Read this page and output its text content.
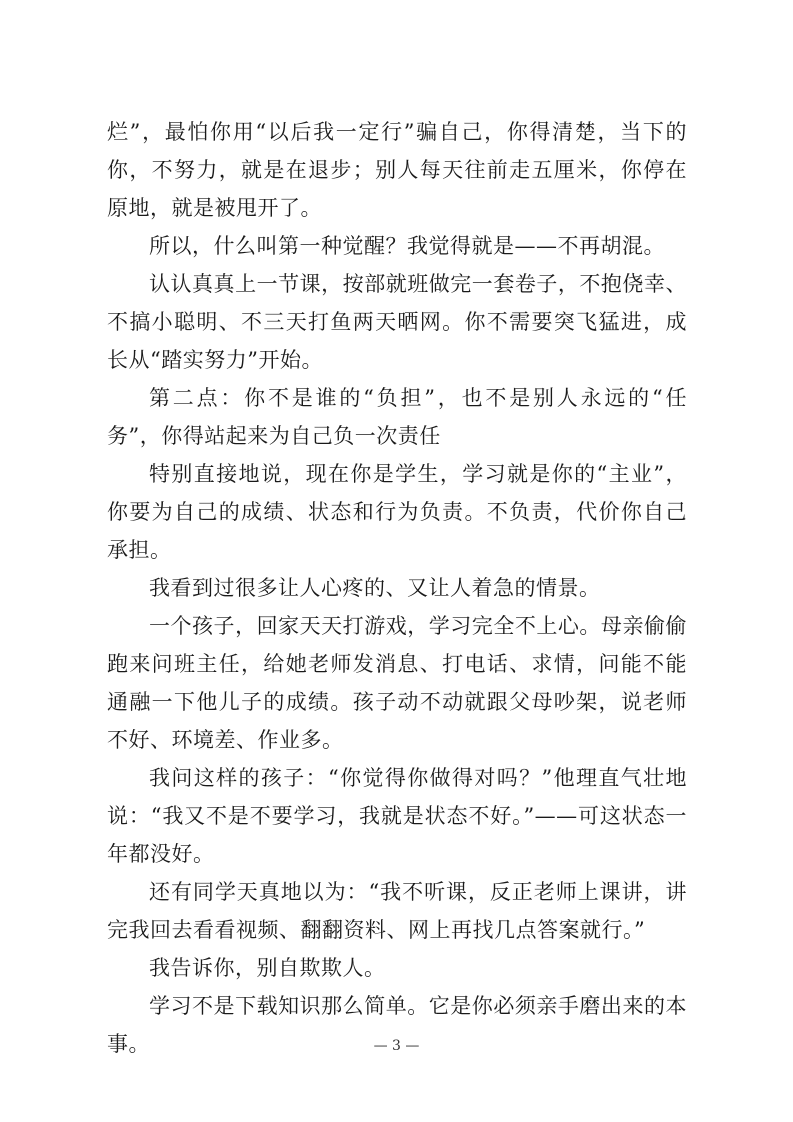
烂”，最怕你用“以后我一定行”骗自己，你得清楚，当下的你，不努力，就是在退步；别人每天往前走五厘米，你停在原地，就是被甩开了。

所以，什么叫第一种觉醒？我觉得就是——不再胡混。

认认真真上一节课，按部就班做完一套卷子，不抱侥幸、不搞小聪明、不三天打鱼两天晒网。你不需要突飞猛进，成长从“踏实努力”开始。

第二点：你不是谁的“负担”，也不是别人永远的“任务”，你得站起来为自己负一次责任

特别直接地说，现在你是学生，学习就是你的“主业”，你要为自己的成绩、状态和行为负责。不负责，代价你自己承担。

我看到过很多让人心疼的、又让人着急的情景。

一个孩子，回家天天打游戏，学习完全不上心。母亲偷偷跑来问班主任，给她老师发消息、打电话、求情，问能不能通融一下他儿子的成绩。孩子动不动就跟父母吵架，说老师不好、环境差、作业多。

我问这样的孩子：“你觉得你做得对吗？”他理直气壮地说：“我又不是不要学习，我就是状态不好。”——可这状态一年都没好。

还有同学天真地以为：“我不听课，反正老师上课讲，讲完我回去看看视频、翻翻资料、网上再找几点答案就行。”

我告诉你，别自欺欺人。

学习不是下载知识那么简单。它是你必须亲手磨出来的本事。	— 3 —
